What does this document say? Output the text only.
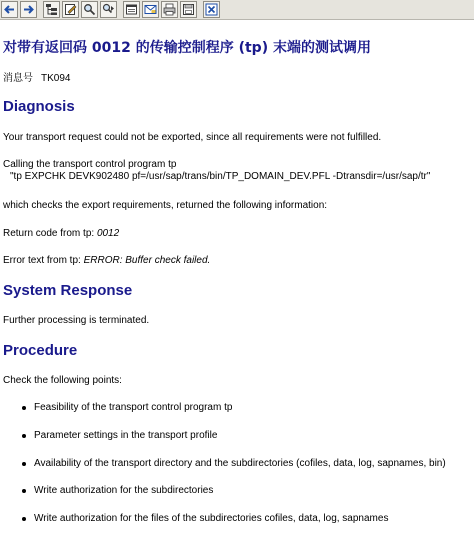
对带有返回码 0012 的传输控制程序 (tp) 末端的测试调用
消息号 TK094
Diagnosis
Your transport request could not be exported, since all requirements were not fulfilled.
Calling the transport control program tp
"tp EXPCHK DEVK902480 pf=/usr/sap/trans/bin/TP_DOMAIN_DEV.PFL -Dtransdir=/usr/sap/tr"
which checks the export requirements, returned the following information:
Return code from tp: 0012
Error text from tp: ERROR: Buffer check failed.
System Response
Further processing is terminated.
Procedure
Check the following points:
Feasibility of the transport control program tp
Parameter settings in the transport profile
Availability of the transport directory and the subdirectories (cofiles, data, log, sapnames, bin)
Write authorization for the subdirectories
Write authorization for the files of the subdirectories cofiles, data, log, sapnames
